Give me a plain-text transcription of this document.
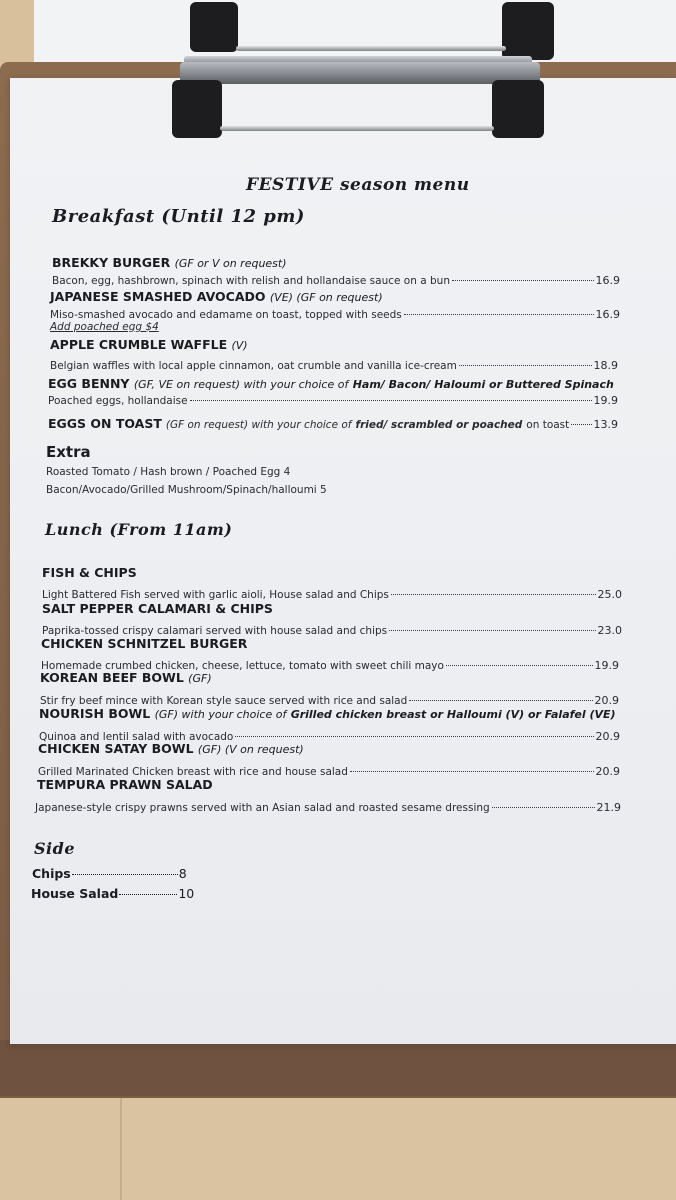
FESTIVE season menu
Breakfast (Until 12 pm)
BREKKY BURGER (GF or V on request)
Bacon, egg, hashbrown, spinach with relish and hollandaise sauce on a bun	16.9
JAPANESE SMASHED AVOCADO (VE) (GF on request)
Miso-smashed avocado and edamame on toast, topped with seeds	16.9
Add poached egg $4
APPLE CRUMBLE WAFFLE (V)
Belgian waffles with local apple cinnamon, oat crumble and vanilla ice-cream	18.9
EGG BENNY (GF, VE on request) with your choice of Ham/ Bacon/ Haloumi or Buttered Spinach
Poached eggs, hollandaise	19.9
EGGS ON TOAST (GF on request) with your choice of fried/ scrambled or poached on toast 13.9
Extra
Roasted Tomato / Hash brown / Poached Egg 4
Bacon/Avocado/Grilled Mushroom/Spinach/halloumi 5
Lunch (From 11am)
FISH & CHIPS
Light Battered Fish served with garlic aioli, House salad and Chips	25.0
SALT PEPPER CALAMARI & CHIPS
Paprika-tossed crispy calamari served with house salad and chips	23.0
CHICKEN SCHNITZEL BURGER
Homemade crumbed chicken, cheese, lettuce, tomato with sweet chili mayo	19.9
KOREAN BEEF BOWL (GF)
Stir fry beef mince with Korean style sauce served with rice and salad	20.9
NOURISH BOWL (GF) with your choice of Grilled chicken breast or Halloumi (V) or Falafel (VE)
Quinoa and lentil salad with avocado	20.9
CHICKEN SATAY BOWL (GF) (V on request)
Grilled Marinated Chicken breast with rice and house salad	20.9
TEMPURA PRAWN SALAD
Japanese-style crispy prawns served with an Asian salad and roasted sesame dressing	21.9
Side
Chips	8
House Salad	10
